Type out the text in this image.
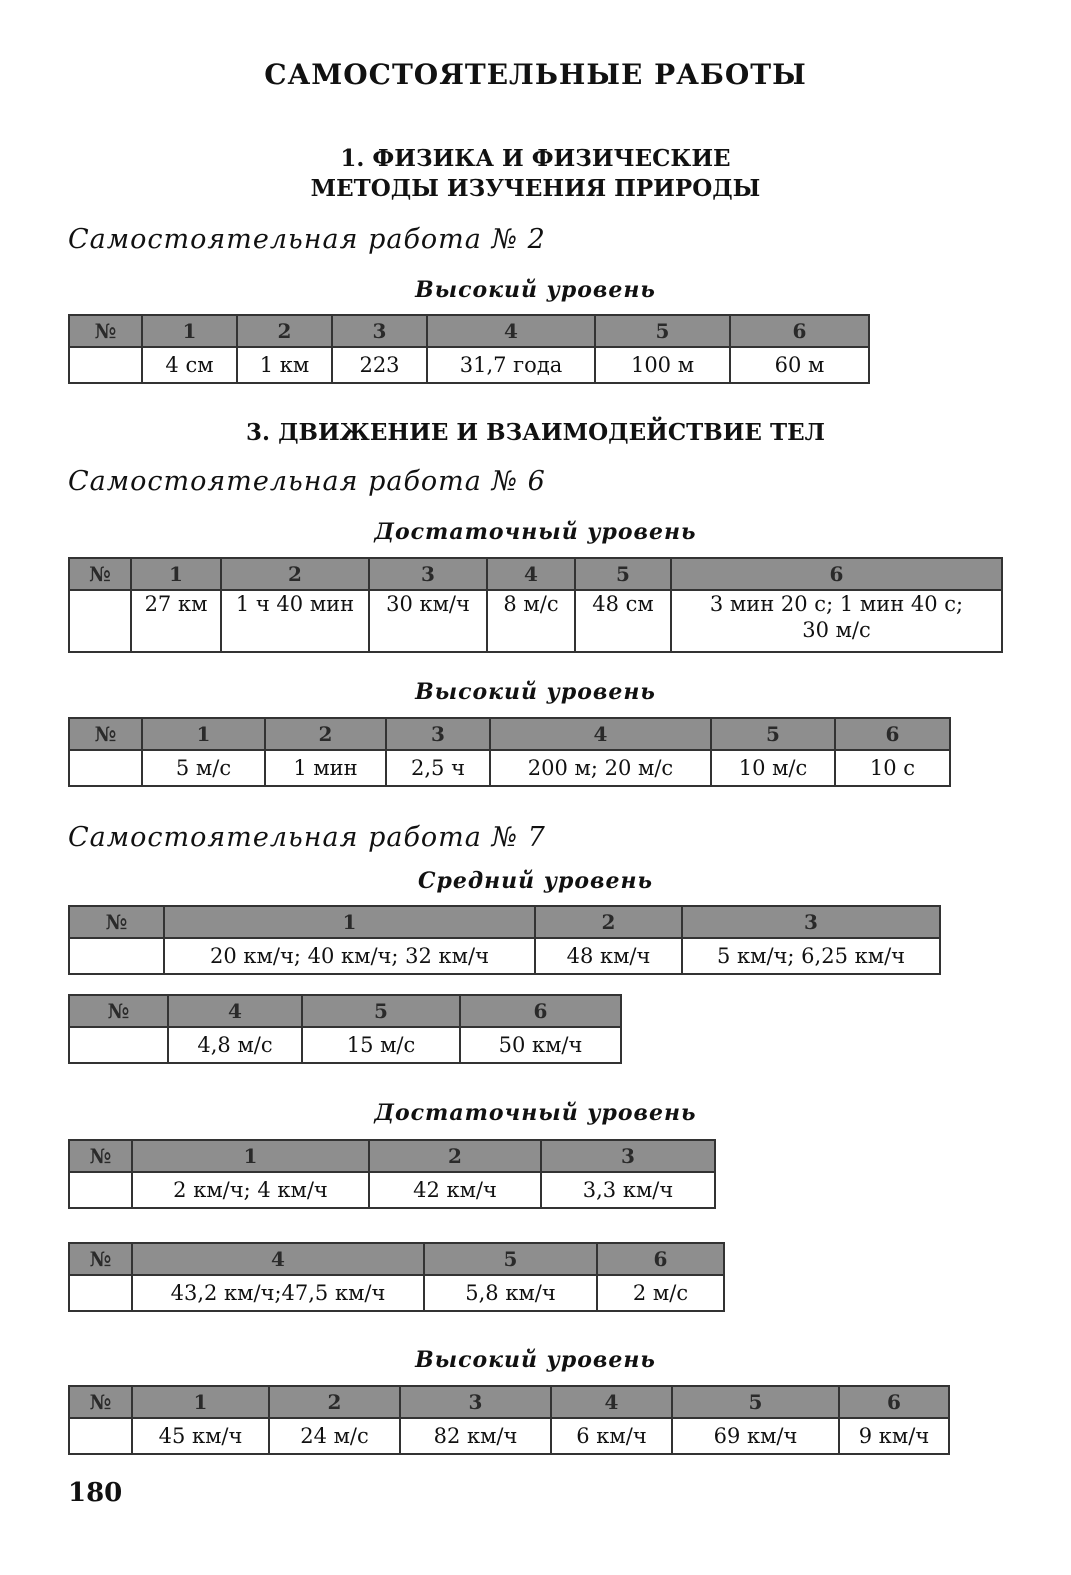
САМОСТОЯТЕЛЬНЫЕ РАБОТЫ
1. ФИЗИКА И ФИЗИЧЕСКИЕ
МЕТОДЫ ИЗУЧЕНИЯ ПРИРОДЫ
Самостоятельная работа № 2
Высокий уровень
№	1	2	3	4	5	6
	4 см	1 км	223	31,7 года	100 м	60 м
3. ДВИЖЕНИЕ И ВЗАИМОДЕЙСТВИЕ ТЕЛ
Самостоятельная работа № 6
Достаточный уровень
№	1	2	3	4	5	6
	27 км	1 ч 40 мин	30 км/ч	8 м/с	48 см	3 мин 20 с; 1 мин 40 с;
30 м/с
Высокий уровень
№	1	2	3	4	5	6
	5 м/с	1 мин	2,5 ч	200 м; 20 м/с	10 м/с	10 с
Самостоятельная работа № 7
Средний уровень
№	1	2	3
	20 км/ч; 40 км/ч; 32 км/ч	48 км/ч	5 км/ч; 6,25 км/ч
№	4	5	6
	4,8 м/с	15 м/с	50 км/ч
Достаточный уровень
№	1	2	3
	2 км/ч; 4 км/ч	42 км/ч	3,3 км/ч
№	4	5	6
	43,2 км/ч;47,5 км/ч	5,8 км/ч	2 м/с
Высокий уровень
№	1	2	3	4	5	6
	45 км/ч	24 м/с	82 км/ч	6 км/ч	69 км/ч	9 км/ч
180
